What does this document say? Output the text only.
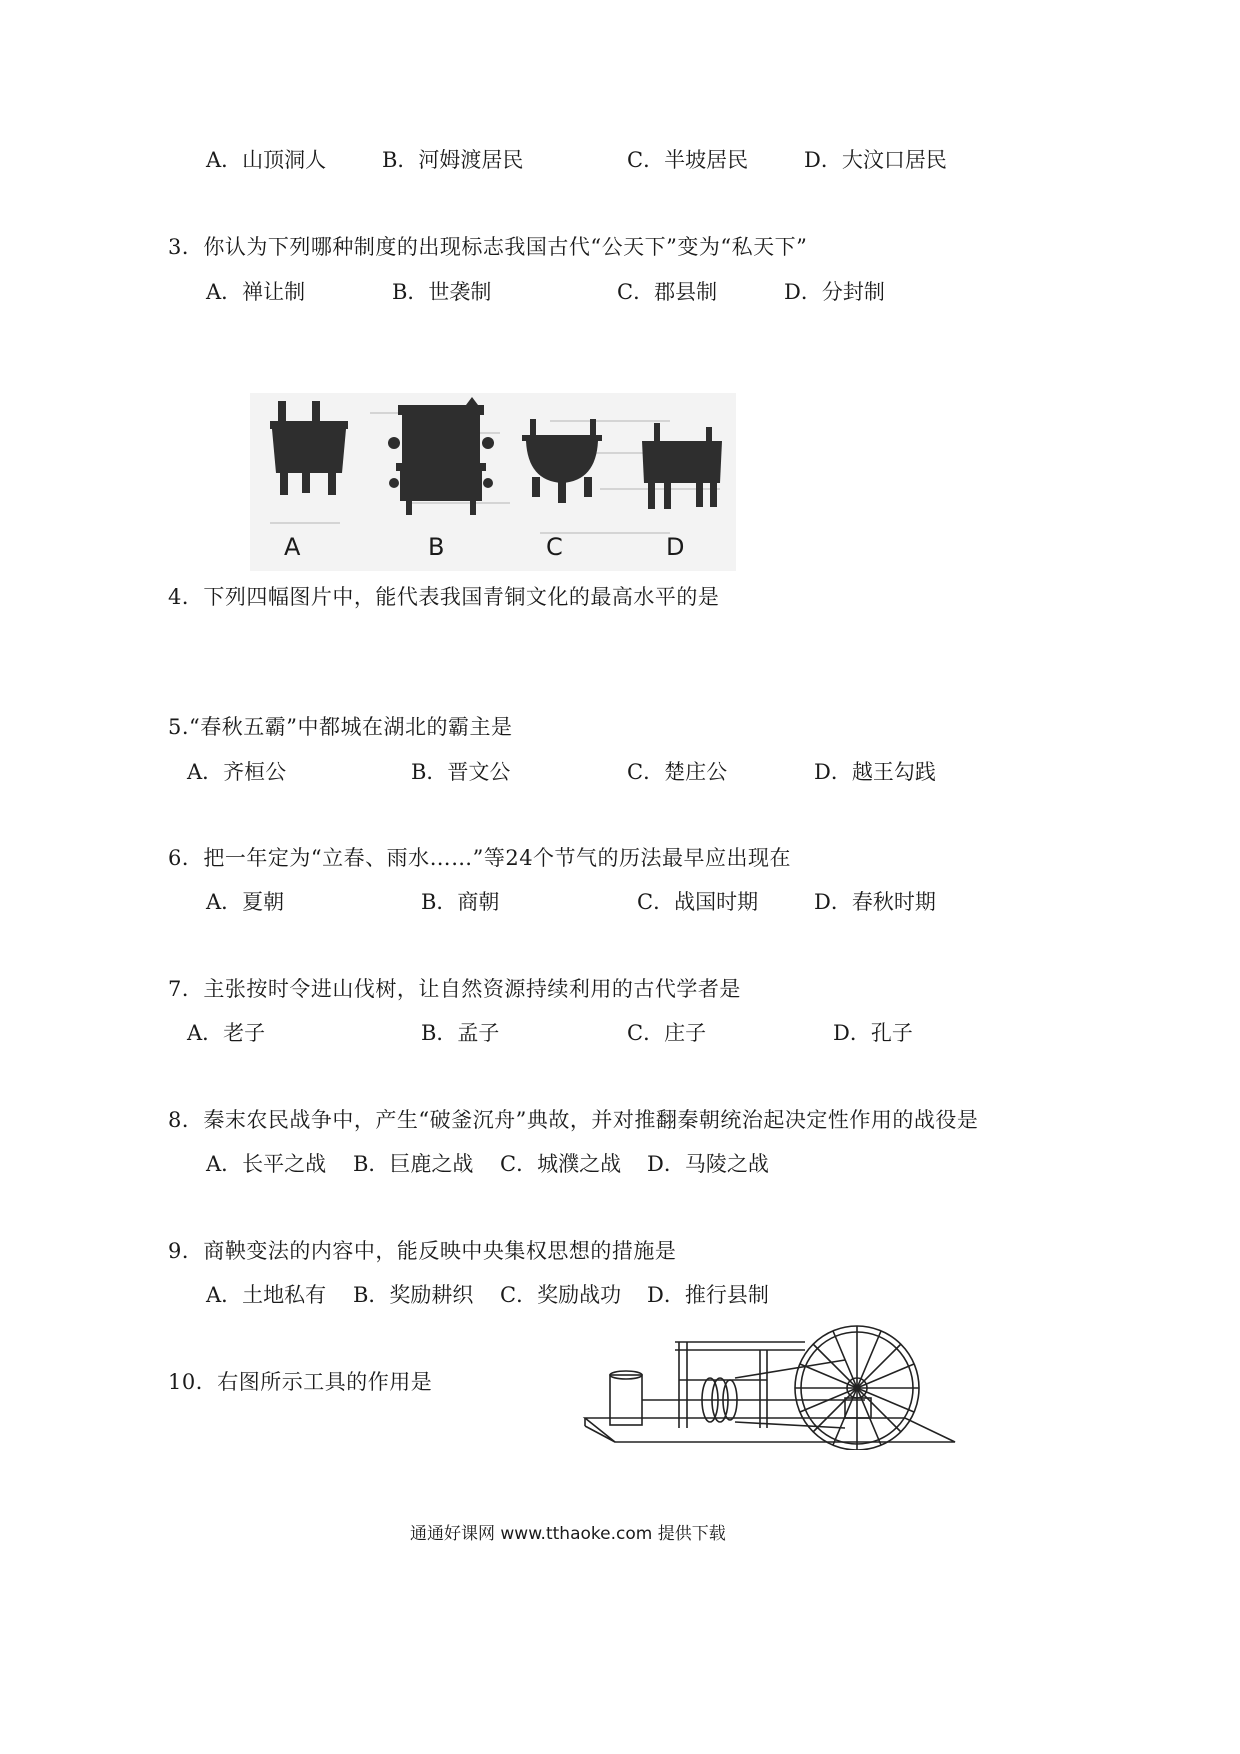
A．山顶洞人	B．河姆渡居民	C．半坡居民	D．大汶口居民
3．你认为下列哪种制度的出现标志我国古代“公天下”变为“私天下”
A．禅让制	B．世袭制	C．郡县制	D．分封制
A	B	C	D
4．下列四幅图片中，能代表我国青铜文化的最高水平的是
5.“春秋五霸”中都城在湖北的霸主是
A．齐桓公	B．晋文公	C．楚庄公	D．越王勾践
6．把一年定为“立春、雨水……”等24个节气的历法最早应出现在
A．夏朝	B．商朝	C．战国时期	D．春秋时期
7．主张按时令进山伐树，让自然资源持续利用的古代学者是
A．老子	B．孟子	C．庄子	D．孔子
8．秦末农民战争中，产生“破釜沉舟”典故，并对推翻秦朝统治起决定性作用的战役是
A．长平之战 B．巨鹿之战 C．城濮之战 D．马陵之战
9．商鞅变法的内容中，能反映中央集权思想的措施是
A．土地私有 B．奖励耕织 C．奖励战功 D．推行县制
10．右图所示工具的作用是
通通好课网 www.tthaoke.com 提供下载
